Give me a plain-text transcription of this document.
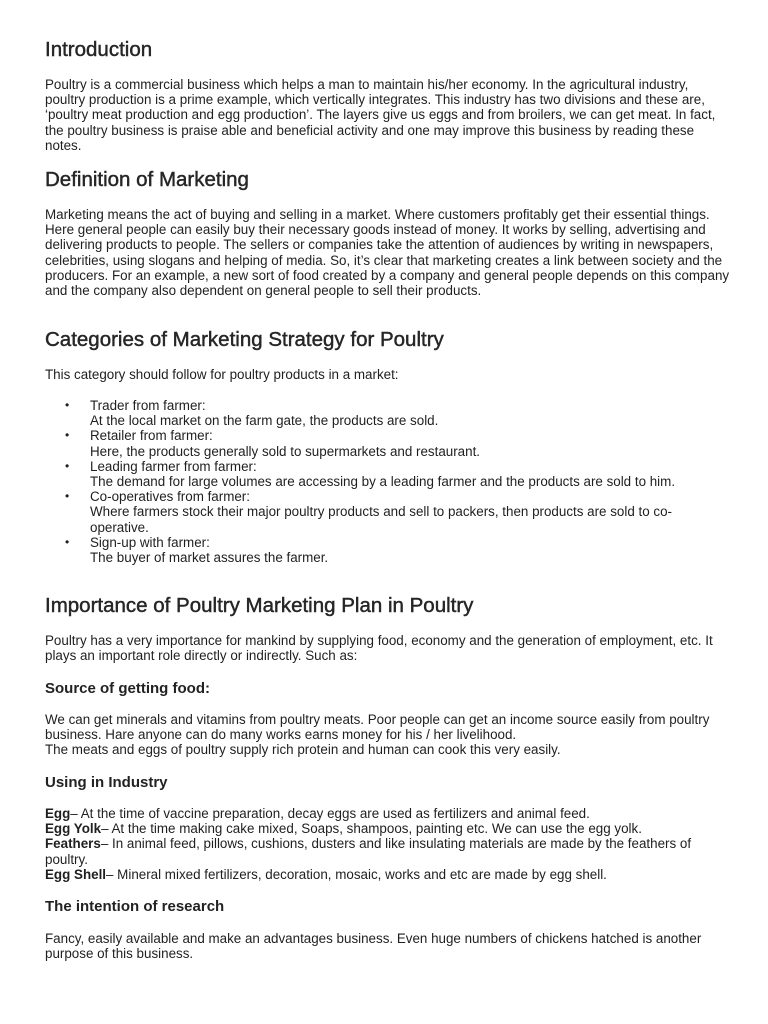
Introduction

Poultry is a commercial business which helps a man to maintain his/her economy. In the agricultural industry, poultry production is a prime example, which vertically integrates. This industry has two divisions and these are, ‘poultry meat production and egg production’. The layers give us eggs and from broilers, we can get meat. In fact, the poultry business is praise able and beneficial activity and one may improve this business by reading these notes.

Definition of Marketing

Marketing means the act of buying and selling in a market. Where customers profitably get their essential things. Here general people can easily buy their necessary goods instead of money. It works by selling, advertising and delivering products to people. The sellers or companies take the attention of audiences by writing in newspapers, celebrities, using slogans and helping of media. So, it’s clear that marketing creates a link between society and the producers. For an example, a new sort of food created by a company and general people depends on this company and the company also dependent on general people to sell their products.

Categories of Marketing Strategy for Poultry

This category should follow for poultry products in a market:

• Trader from farmer:
At the local market on the farm gate, the products are sold.
• Retailer from farmer:
Here, the products generally sold to supermarkets and restaurant.
• Leading farmer from farmer:
The demand for large volumes are accessing by a leading farmer and the products are sold to him.
• Co-operatives from farmer:
Where farmers stock their major poultry products and sell to packers, then products are sold to co-operative.
• Sign-up with farmer:
The buyer of market assures the farmer.
Importance of Poultry Marketing Plan in Poultry

Poultry has a very importance for mankind by supplying food, economy and the generation of employment, etc. It plays an important role directly or indirectly. Such as:

Source of getting food:

We can get minerals and vitamins from poultry meats. Poor people can get an income source easily from poultry business. Hare anyone can do many works earns money for his / her livelihood.
The meats and eggs of poultry supply rich protein and human can cook this very easily.

Using in Industry
Egg– At the time of vaccine preparation, decay eggs are used as fertilizers and animal feed.
Egg Yolk– At the time making cake mixed, Soaps, shampoos, painting etc. We can use the egg yolk.
Feathers– In animal feed, pillows, cushions, dusters and like insulating materials are made by the feathers of poultry.
Egg Shell– Mineral mixed fertilizers, decoration, mosaic, works and etc are made by egg shell.
The intention of research

Fancy, easily available and make an advantages business. Even huge numbers of chickens hatched is another purpose of this business.
